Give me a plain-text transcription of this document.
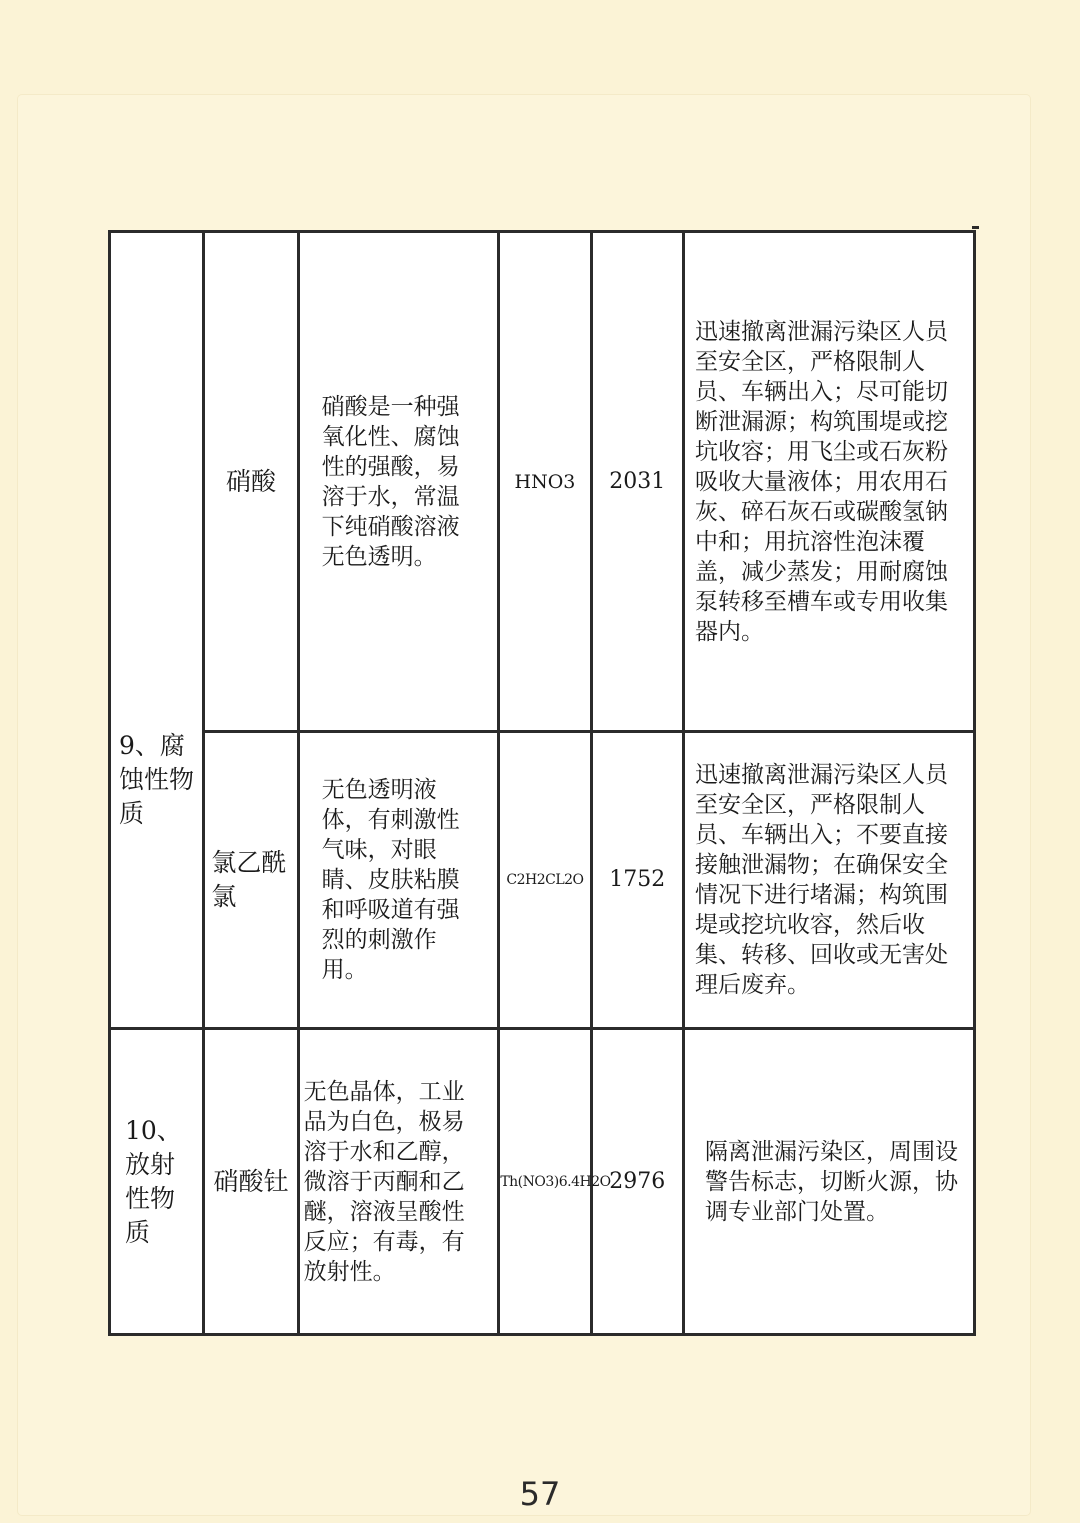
9、腐蚀性物质	硝酸	硝酸是一种强氧化性、腐蚀性的强酸，易溶于水，常温下纯硝酸溶液无色透明。	HNO3	2031	迅速撤离泄漏污染区人员至安全区，严格限制人员、车辆出入；尽可能切断泄漏源；构筑围堤或挖坑收容；用飞尘或石灰粉吸收大量液体；用农用石灰、碎石灰石或碳酸氢钠中和；用抗溶性泡沫覆盖，减少蒸发；用耐腐蚀泵转移至槽车或专用收集器内。

	氯乙酰氯	无色透明液体，有刺激性气味，对眼睛、皮肤粘膜和呼吸道有强烈的刺激作用。	C2H2CL2O	1752	迅速撤离泄漏污染区人员至安全区，严格限制人员、车辆出入；不要直接接触泄漏物；在确保安全情况下进行堵漏；构筑围堤或挖坑收容，然后收集、转移、回收或无害处理后废弃。

10、放射性物质	硝酸钍	无色晶体，工业品为白色，极易溶于水和乙醇，微溶于丙酮和乙醚，溶液呈酸性反应；有毒，有放射性。	Th(NO3)6.4H2O	2976	隔离泄漏污染区，周围设警告标志，切断火源，协调专业部门处置。
57
